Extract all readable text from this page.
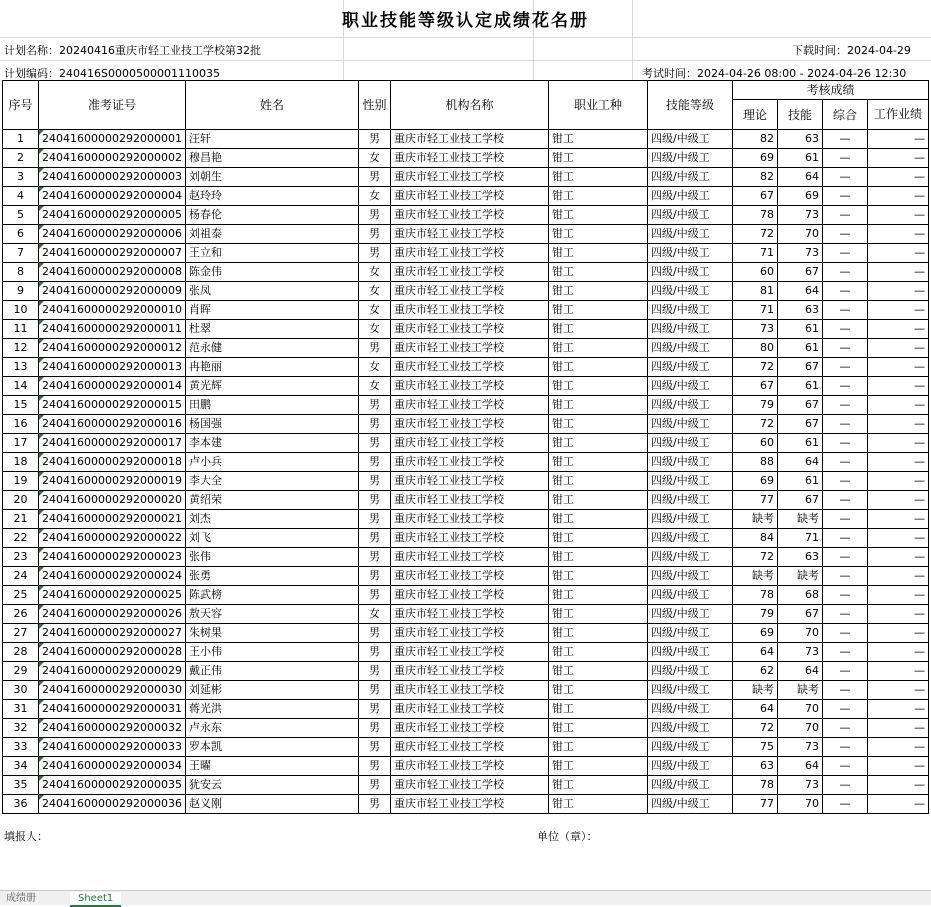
职业技能等级认定成绩花名册
计划名称：20240416重庆市轻工业技工学校第32批	下载时间：2024-04-29
计划编码：240416S0000500001110035	考试时间：2024-04-26 08:00 - 2024-04-26 12:30
序号	准考证号	姓名	性别	机构名称	职业工种	技能等级	考核成绩			
							理论	技能	综合	工作业绩
1	24041600000292000001	汪轩	男	重庆市轻工业技工学校	钳工	四级/中级工	82	63	—	—
2	24041600000292000002	穆昌艳	女	重庆市轻工业技工学校	钳工	四级/中级工	69	61	—	—
3	24041600000292000003	刘朝生	男	重庆市轻工业技工学校	钳工	四级/中级工	82	64	—	—
4	24041600000292000004	赵玲玲	女	重庆市轻工业技工学校	钳工	四级/中级工	67	69	—	—
5	24041600000292000005	杨春伦	男	重庆市轻工业技工学校	钳工	四级/中级工	78	73	—	—
6	24041600000292000006	刘祖泰	男	重庆市轻工业技工学校	钳工	四级/中级工	72	70	—	—
7	24041600000292000007	王立和	男	重庆市轻工业技工学校	钳工	四级/中级工	71	73	—	—
8	24041600000292000008	陈金伟	女	重庆市轻工业技工学校	钳工	四级/中级工	60	67	—	—
9	24041600000292000009	张凤	女	重庆市轻工业技工学校	钳工	四级/中级工	81	64	—	—
10	24041600000292000010	肖晖	女	重庆市轻工业技工学校	钳工	四级/中级工	71	63	—	—
11	24041600000292000011	杜翠	女	重庆市轻工业技工学校	钳工	四级/中级工	73	61	—	—
12	24041600000292000012	范永健	男	重庆市轻工业技工学校	钳工	四级/中级工	80	61	—	—
13	24041600000292000013	冉艳丽	女	重庆市轻工业技工学校	钳工	四级/中级工	72	67	—	—
14	24041600000292000014	黄光辉	女	重庆市轻工业技工学校	钳工	四级/中级工	67	61	—	—
15	24041600000292000015	田鹏	男	重庆市轻工业技工学校	钳工	四级/中级工	79	67	—	—
16	24041600000292000016	杨国强	男	重庆市轻工业技工学校	钳工	四级/中级工	72	67	—	—
17	24041600000292000017	李本建	男	重庆市轻工业技工学校	钳工	四级/中级工	60	61	—	—
18	24041600000292000018	卢小兵	男	重庆市轻工业技工学校	钳工	四级/中级工	88	64	—	—
19	24041600000292000019	李大全	男	重庆市轻工业技工学校	钳工	四级/中级工	69	61	—	—
20	24041600000292000020	黄绍荣	男	重庆市轻工业技工学校	钳工	四级/中级工	77	67	—	—
21	24041600000292000021	刘杰	男	重庆市轻工业技工学校	钳工	四级/中级工	缺考	缺考	—	—
22	24041600000292000022	刘飞	男	重庆市轻工业技工学校	钳工	四级/中级工	84	71	—	—
23	24041600000292000023	张伟	男	重庆市轻工业技工学校	钳工	四级/中级工	72	63	—	—
24	24041600000292000024	张勇	男	重庆市轻工业技工学校	钳工	四级/中级工	缺考	缺考	—	—
25	24041600000292000025	陈武榜	男	重庆市轻工业技工学校	钳工	四级/中级工	78	68	—	—
26	24041600000292000026	敖天容	女	重庆市轻工业技工学校	钳工	四级/中级工	79	67	—	—
27	24041600000292000027	朱树果	男	重庆市轻工业技工学校	钳工	四级/中级工	69	70	—	—
28	24041600000292000028	王小伟	男	重庆市轻工业技工学校	钳工	四级/中级工	64	73	—	—
29	24041600000292000029	戴正伟	男	重庆市轻工业技工学校	钳工	四级/中级工	62	64	—	—
30	24041600000292000030	刘延彬	男	重庆市轻工业技工学校	钳工	四级/中级工	缺考	缺考	—	—
31	24041600000292000031	蒋光洪	男	重庆市轻工业技工学校	钳工	四级/中级工	64	70	—	—
32	24041600000292000032	卢永东	男	重庆市轻工业技工学校	钳工	四级/中级工	72	70	—	—
33	24041600000292000033	罗本凯	男	重庆市轻工业技工学校	钳工	四级/中级工	75	73	—	—
34	24041600000292000034	王曜	男	重庆市轻工业技工学校	钳工	四级/中级工	63	64	—	—
35	24041600000292000035	犹安云	男	重庆市轻工业技工学校	钳工	四级/中级工	78	73	—	—
36	24041600000292000036	赵义刚	男	重庆市轻工业技工学校	钳工	四级/中级工	77	70	—	—
填报人：	单位（章）：
成绩册	Sheet1
